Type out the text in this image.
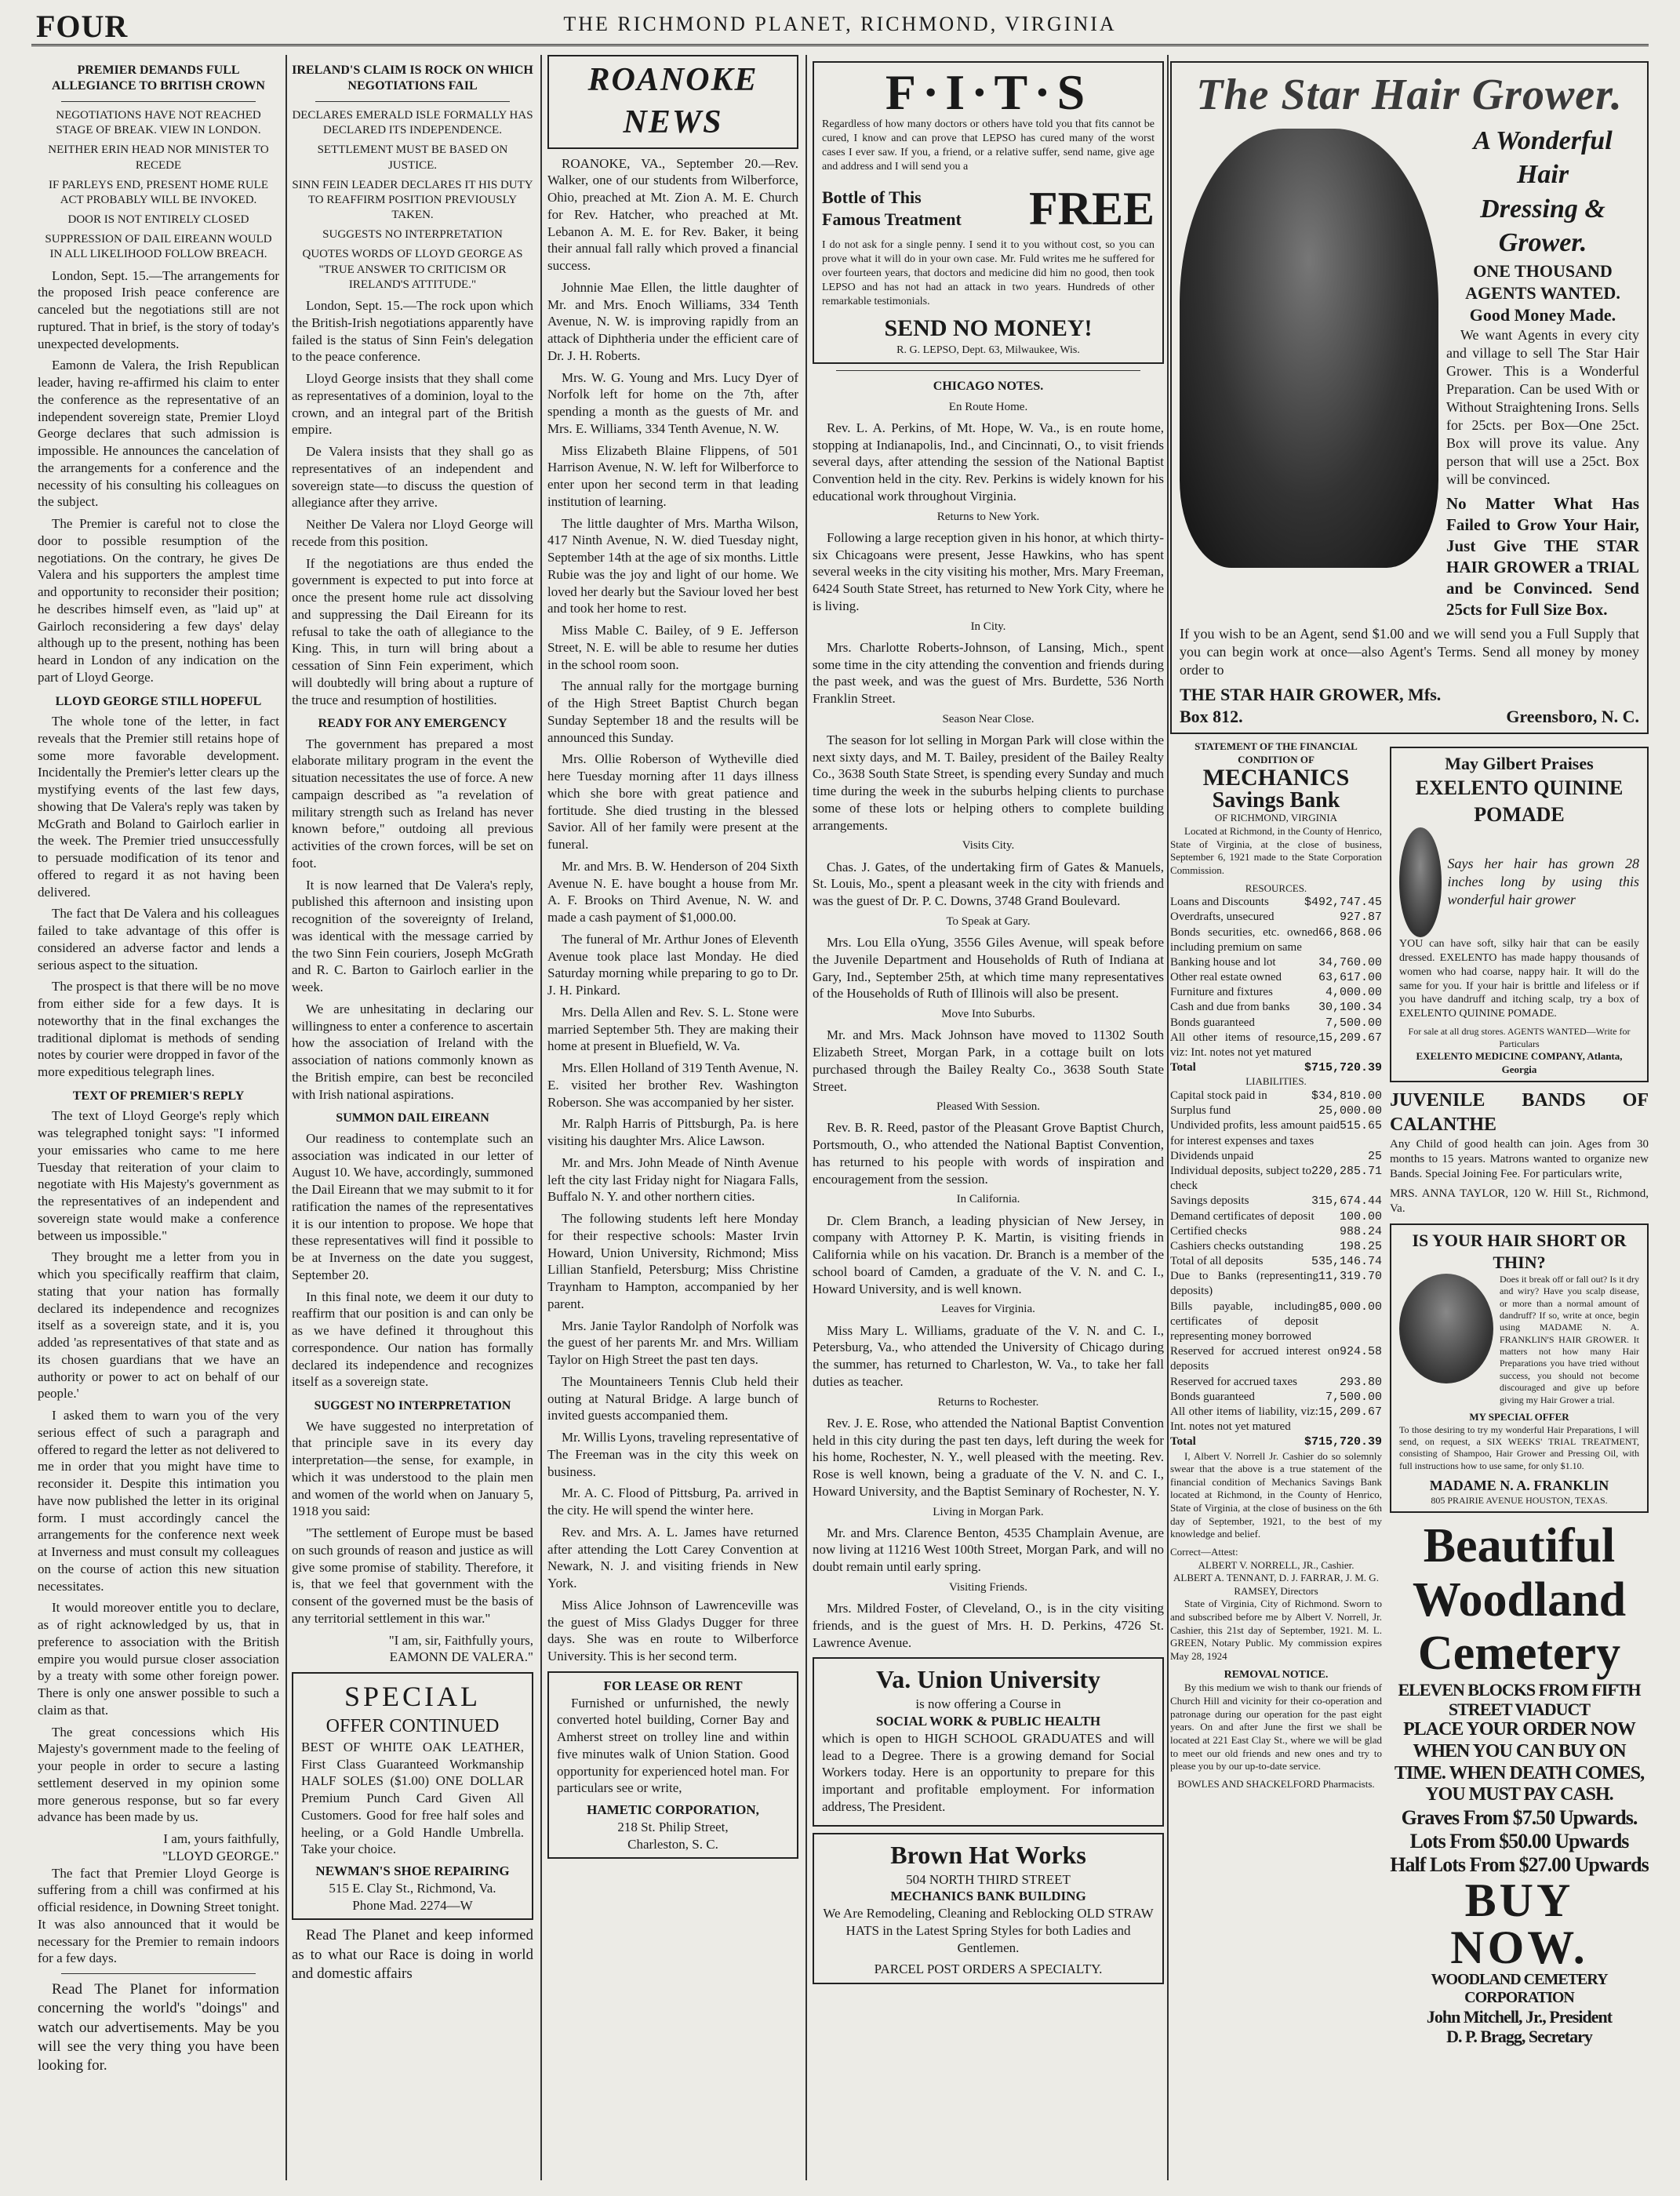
FOUR	THE RICHMOND PLANET, RICHMOND, VIRGINIA
PREMIER DEMANDS FULL ALLEGIANCE TO BRITISH CROWN
NEGOTIATIONS HAVE NOT REACHED STAGE OF BREAK. VIEW IN LONDON.
NEITHER ERIN HEAD NOR MINISTER TO RECEDE
IF PARLEYS END, PRESENT HOME RULE ACT PROBABLY WILL BE INVOKED.
DOOR IS NOT ENTIRELY CLOSED
SUPPRESSION OF DAIL EIREANN WOULD IN ALL LIKELIHOOD FOLLOW BREACH.

London, Sept. 15.—The arrangements for the proposed Irish peace conference are canceled but the negotiations still are not ruptured. That in brief, is the story of today's unexpected developments.

Eamonn de Valera, the Irish Republican leader, having re-affirmed his claim to enter the conference as the representative of an independent sovereign state, Premier Lloyd George declares that such admission is impossible. He announces the cancelation of the arrangements for a conference and the necessity of his consulting his colleagues on the subject.

The Premier is careful not to close the door to possible resumption of the negotiations. On the contrary, he gives De Valera and his supporters the amplest time and opportunity to reconsider their position; he describes himself even, as "laid up" at Gairloch reconsidering a few days' delay although up to the present, nothing has been heard in London of any indication on the part of Lloyd George.

LLOYD GEORGE STILL HOPEFUL

The whole tone of the letter, in fact reveals that the Premier still retains hope of some more favorable development. Incidentally the Premier's letter clears up the mystifying events of the last few days, showing that De Valera's reply was taken by McGrath and Boland to Gairloch earlier in the week. The Premier tried unsuccessfully to persuade modification of its tenor and offered to regard it as not having been delivered.

The fact that De Valera and his colleagues failed to take advantage of this offer is considered an adverse factor and lends a serious aspect to the situation.

The prospect is that there will be no move from either side for a few days. It is noteworthy that in the final exchanges the traditional diplomat is methods of sending notes by courier were dropped in favor of the more expeditious telegraph lines.

TEXT OF PREMIER'S REPLY

The text of Lloyd George's reply which was telegraphed tonight says: "I informed your emissaries who came to me here Tuesday that reiteration of your claim to negotiate with His Majesty's government as the representatives of an independent and sovereign state would make a conference between us impossible."

They brought me a letter from you in which you specifically reaffirm that claim, stating that your nation has formally declared its independence and recognizes itself as a sovereign state, and it is, you added 'as representatives of that state and as its chosen guardians that we have an authority or power to act on behalf of our people.'

I asked them to warn you of the very serious effect of such a paragraph and offered to regard the letter as not delivered to me in order that you might have time to reconsider it. Despite this intimation you have now published the letter in its original form. I must accordingly cancel the arrangements for the conference next week at Inverness and must consult my colleagues on the course of action this new situation necessitates.

It would moreover entitle you to declare, as of right acknowledged by us, that in preference to association with the British empire you would pursue closer association by a treaty with some other foreign power. There is only one answer possible to such a claim as that.

The great concessions which His Majesty's government made to the feeling of your people in order to secure a lasting settlement deserved in my opinion some more generous response, but so far every advance has been made by us.

I am, yours faithfully,
"LLOYD GEORGE."

The fact that Premier Lloyd George is suffering from a chill was confirmed at his official residence, in Downing Street tonight. It was also announced that it would be necessary for the Premier to remain indoors for a few days.

Read The Planet for information concerning the world's "doings" and watch our advertisements. May be you will see the very thing you have been looking for.

IRELAND'S CLAIM IS ROCK ON WHICH NEGOTIATIONS FAIL
DECLARES EMERALD ISLE FORMALLY HAS DECLARED ITS INDEPENDENCE.
SETTLEMENT MUST BE BASED ON JUSTICE.
SINN FEIN LEADER DECLARES IT HIS DUTY TO REAFFIRM POSITION PREVIOUSLY TAKEN.
SUGGESTS NO INTERPRETATION
QUOTES WORDS OF LLOYD GEORGE AS "TRUE ANSWER TO CRITICISM OR IRELAND'S ATTITUDE."

London, Sept. 15.—The rock upon which the British-Irish negotiations apparently have failed is the status of Sinn Fein's delegation to the peace conference.

Lloyd George insists that they shall come as representatives of a dominion, loyal to the crown, and an integral part of the British empire.

De Valera insists that they shall go as representatives of an independent and sovereign state—to discuss the question of allegiance after they arrive.

Neither De Valera nor Lloyd George will recede from this position.

If the negotiations are thus ended the government is expected to put into force at once the present home rule act dissolving and suppressing the Dail Eireann for its refusal to take the oath of allegiance to the King. This, in turn will bring about a cessation of Sinn Fein experiment, which will doubtedly will bring about a rupture of the truce and resumption of hostilities.

READY FOR ANY EMERGENCY

The government has prepared a most elaborate military program in the event the situation necessitates the use of force. A new campaign described as "a revelation of military strength such as Ireland has never known before," outdoing all previous activities of the crown forces, will be set on foot.

It is now learned that De Valera's reply, published this afternoon and insisting upon recognition of the sovereignty of Ireland, was identical with the message carried by the two Sinn Fein couriers, Joseph McGrath and R. C. Barton to Gairloch earlier in the week.

We are unhesitating in declaring our willingness to enter a conference to ascertain how the association of Ireland with the association of nations commonly known as the British empire, can best be reconciled with Irish national aspirations.

SUMMON DAIL EIREANN

Our readiness to contemplate such an association was indicated in our letter of August 10. We have, accordingly, summoned the Dail Eireann that we may submit to it for ratification the names of the representatives it is our intention to propose. We hope that these representatives will find it possible to be at Inverness on the date you suggest, September 20.

In this final note, we deem it our duty to reaffirm that our position is and can only be as we have defined it throughout this correspondence. Our nation has formally declared its independence and recognizes itself as a sovereign state.

SUGGEST NO INTERPRETATION

We have suggested no interpretation of that principle save in its every day interpretation—the sense, for example, in which it was understood to the plain men and women of the world when on January 5, 1918 you said:

"The settlement of Europe must be based on such grounds of reason and justice as will give some promise of stability. Therefore, it is, that we feel that government with the consent of the governed must be the basis of any territorial settlement in this war."

"I am, sir, Faithfully yours,
EAMONN DE VALERA."
SPECIAL
OFFER CONTINUED

BEST OF WHITE OAK LEATHER, First Class Guaranteed Workmanship HALF SOLES ($1.00) ONE DOLLAR Premium Punch Card Given All Customers. Good for free half soles and heeling, or a Gold Handle Umbrella. Take your choice.

NEWMAN'S SHOE REPAIRING
515 E. Clay St., Richmond, Va.
Phone Mad. 2274—W

Read The Planet and keep informed as to what our Race is doing in world and domestic affairs

ROANOKE NEWS

ROANOKE, VA., September 20.—Rev. Walker, one of our students from Wilberforce, Ohio, preached at Mt. Zion A. M. E. Church for Rev. Hatcher, who preached at Mt. Lebanon A. M. E. for Rev. Baker, it being their annual fall rally which proved a financial success.

Johnnie Mae Ellen, the little daughter of Mr. and Mrs. Enoch Williams, 334 Tenth Avenue, N. W. is improving rapidly from an attack of Diphtheria under the efficient care of Dr. J. H. Roberts.

Mrs. W. G. Young and Mrs. Lucy Dyer of Norfolk left for home on the 7th, after spending a month as the guests of Mr. and Mrs. E. Williams, 334 Tenth Avenue, N. W.

Miss Elizabeth Blaine Flippens, of 501 Harrison Avenue, N. W. left for Wilberforce to enter upon her second term in that leading institution of learning.

The little daughter of Mrs. Martha Wilson, 417 Ninth Avenue, N. W. died Tuesday night, September 14th at the age of six months. Little Rubie was the joy and light of our home. We loved her dearly but the Saviour loved her best and took her home to rest.

Miss Mable C. Bailey, of 9 E. Jefferson Street, N. E. will be able to resume her duties in the school room soon.

The annual rally for the mortgage burning of the High Street Baptist Church began Sunday September 18 and the results will be announced this Sunday.

Mrs. Ollie Roberson of Wytheville died here Tuesday morning after 11 days illness which she bore with great patience and fortitude. She died trusting in the blessed Savior. All of her family were present at the funeral.

Mr. and Mrs. B. W. Henderson of 204 Sixth Avenue N. E. have bought a house from Mr. A. F. Brooks on Third Avenue, N. W. and made a cash payment of $1,000.00.

The funeral of Mr. Arthur Jones of Eleventh Avenue took place last Monday. He died Saturday morning while preparing to go to Dr. J. H. Pinkard.

Mrs. Della Allen and Rev. S. L. Stone were married September 5th. They are making their home at present in Bluefield, W. Va.

Mrs. Ellen Holland of 319 Tenth Avenue, N. E. visited her brother Rev. Washington Roberson. She was accompanied by her sister.

Mr. Ralph Harris of Pittsburgh, Pa. is here visiting his daughter Mrs. Alice Lawson.

Mr. and Mrs. John Meade of Ninth Avenue left the city last Friday night for Niagara Falls, Buffalo N. Y. and other northern cities.

The following students left here Monday for their respective schools: Master Irvin Howard, Union University, Richmond; Miss Lillian Stanfield, Petersburg; Miss Christine Traynham to Hampton, accompanied by her parent.

Mrs. Janie Taylor Randolph of Norfolk was the guest of her parents Mr. and Mrs. William Taylor on High Street the past ten days.

The Mountaineers Tennis Club held their outing at Natural Bridge. A large bunch of invited guests accompanied them.

Mr. Willis Lyons, traveling representative of The Freeman was in the city this week on business.

Mr. A. C. Flood of Pittsburg, Pa. arrived in the city. He will spend the winter here.

Rev. and Mrs. A. L. James have returned after attending the Lott Carey Convention at Newark, N. J. and visiting friends in New York.

Miss Alice Johnson of Lawrenceville was the guest of Miss Gladys Dugger for three days. She was en route to Wilberforce University. This is her second term.

FOR LEASE OR RENT

Furnished or unfurnished, the newly converted hotel building, Corner Bay and Amherst street on trolley line and within five minutes walk of Union Station. Good opportunity for experienced hotel man. For particulars see or write,

HAMETIC CORPORATION,
218 St. Philip Street,
Charleston, S. C.
F·I·T·S

Regardless of how many doctors or others have told you that fits cannot be cured, I know and can prove that LEPSO has cured many of the worst cases I ever saw. If you, a friend, or a relative suffer, send name, give age and address and I will send you a

Bottle of This
Famous Treatment FREE

I do not ask for a single penny. I send it to you without cost, so you can prove what it will do in your own case. Mr. Fuld writes me he suffered for over fourteen years, that doctors and medicine did him no good, then took LEPSO and has not had an attack in two years. Hundreds of other remarkable testimonials.

SEND NO MONEY!
R. G. LEPSO, Dept. 63, Milwaukee, Wis.
CHICAGO NOTES.
En Route Home.

Rev. L. A. Perkins, of Mt. Hope, W. Va., is en route home, stopping at Indianapolis, Ind., and Cincinnati, O., to visit friends several days, after attending the session of the National Baptist Convention held in the city. Rev. Perkins is widely known for his educational work throughout Virginia.

Returns to New York.

Following a large reception given in his honor, at which thirty-six Chicagoans were present, Jesse Hawkins, who has spent several weeks in the city visiting his mother, Mrs. Mary Freeman, 6424 South State Street, has returned to New York City, where he is living.

In City.

Mrs. Charlotte Roberts-Johnson, of Lansing, Mich., spent some time in the city attending the convention and friends during the past week, and was the guest of Mrs. Burdette, 536 North Franklin Street.

Season Near Close.

The season for lot selling in Morgan Park will close within the next sixty days, and M. T. Bailey, president of the Bailey Realty Co., 3638 South State Street, is spending every Sunday and much time during the week in the suburbs helping clients to purchase some of these lots or helping others to complete building arrangements.

Visits City.

Chas. J. Gates, of the undertaking firm of Gates & Manuels, St. Louis, Mo., spent a pleasant week in the city with friends and was the guest of Dr. P. C. Downs, 3748 Grand Boulevard.

To Speak at Gary.

Mrs. Lou Ella oYung, 3556 Giles Avenue, will speak before the Juvenile Department and Households of Ruth of Indiana at Gary, Ind., September 25th, at which time many representatives of the Households of Ruth of Illinois will also be present.

Move Into Suburbs.

Mr. and Mrs. Mack Johnson have moved to 11302 South Elizabeth Street, Morgan Park, in a cottage built on lots purchased through the Bailey Realty Co., 3638 South State Street.

Pleased With Session.

Rev. B. R. Reed, pastor of the Pleasant Grove Baptist Church, Portsmouth, O., who attended the National Baptist Convention, has returned to his people with words of inspiration and encouragement from the session.

In California.

Dr. Clem Branch, a leading physician of New Jersey, in company with Attorney P. K. Martin, is visiting friends in California while on his vacation. Dr. Branch is a member of the school board of Camden, a graduate of the V. N. and C. I., Howard University, and is well known.

Leaves for Virginia.

Miss Mary L. Williams, graduate of the V. N. and C. I., Petersburg, Va., who attended the University of Chicago during the summer, has returned to Charleston, W. Va., to take her fall duties as teacher.

Returns to Rochester.

Rev. J. E. Rose, who attended the National Baptist Convention held in this city during the past ten days, left during the week for his home, Rochester, N. Y., well pleased with the meeting. Rev. Rose is well known, being a graduate of the V. N. and C. I., Howard University, and the Baptist Seminary of Rochester, N. Y.

Living in Morgan Park.

Mr. and Mrs. Clarence Benton, 4535 Champlain Avenue, are now living at 11216 West 100th Street, Morgan Park, and will no doubt remain until early spring.

Visiting Friends.

Mrs. Mildred Foster, of Cleveland, O., is in the city visiting friends, and is the guest of Mrs. H. D. Perkins, 4726 St. Lawrence Avenue.

Va. Union University
is now offering a Course in
SOCIAL WORK & PUBLIC HEALTH

which is open to HIGH SCHOOL GRADUATES and will lead to a Degree. There is a growing demand for Social Workers today. Here is an opportunity to prepare for this important and profitable employment. For information address, The President.

Brown Hat Works
504 NORTH THIRD STREET
MECHANICS BANK BUILDING

We Are Remodeling, Cleaning and Reblocking OLD STRAW HATS in the Latest Spring Styles for both Ladies and Gentlemen.

PARCEL POST ORDERS A SPECIALTY.
The Star Hair Grower.
A Wonderful Hair
Dressing & Grower.
ONE THOUSAND AGENTS WANTED. Good Money Made.

We want Agents in every city and village to sell The Star Hair Grower. This is a Wonderful Preparation. Can be used With or Without Straightening Irons. Sells for 25cts. per Box—One 25ct. Box will prove its value. Any person that will use a 25ct. Box will be convinced.

No Matter What Has Failed to Grow Your Hair, Just Give THE STAR HAIR GROWER a TRIAL and be Convinced. Send 25cts for Full Size Box.

If you wish to be an Agent, send $1.00 and we will send you a Full Supply that you can begin work at once—also Agent's Terms. Send all money by money order to

THE STAR HAIR GROWER, Mfs.
Box 812.	Greensboro, N. C.
STATEMENT OF THE FINANCIAL CONDITION OF
MECHANICS
Savings Bank
OF RICHMOND, VIRGINIA

Located at Richmond, in the County of Henrico, State of Virginia, at the close of business, September 6, 1921 made to the State Corporation Commission.

RESOURCES.
Loans and Discounts	$492,747.45
Overdrafts, unsecured	927.87
Bonds securities, etc. owned including premium on same
66,868.06
Banking house and lot	34,760.00
Other real estate owned	63,617.00
Furniture and fixtures	4,000.00
Cash and due from banks 30,100.34
Bonds guaranteed	7,500.00
All other items of resource, viz: Int. notes not yet matured
15,209.67
Total	$715,720.39
LIABILITIES.
Capital stock paid in	$34,810.00
Surplus fund	25,000.00
Undivided profits, less amount paid for interest expenses and taxes
515.65
Dividends unpaid	25
Individual deposits, subject to check
220,285.71
Savings deposits	315,674.44
Demand certificates of deposit 100.00
Certified checks	988.24
Cashiers checks outstanding	198.25
Total of all deposits	535,146.74
Due to Banks (representing deposits)
11,319.70
Bills payable, including certificates of deposit representing money borrowed
85,000.00
Reserved for accrued interest on deposits
924.58
Reserved for accrued taxes	293.80
Bonds guaranteed	7,500.00
All other items of liability, viz: Int. notes not yet matured
15,209.67
Total	$715,720.39

I, Albert V. Norrell Jr. Cashier do so solemnly swear that the above is a true statement of the financial condition of Mechanics Savings Bank located at Richmond, in the County of Henrico, State of Virginia, at the close of business on the 6th day of September, 1921, to the best of my knowledge and belief.

Correct—Attest:
ALBERT V. NORRELL, JR., Cashier.
ALBERT A. TENNANT, D. J. FARRAR, J. M. G. RAMSEY, Directors

State of Virginia, City of Richmond. Sworn to and subscribed before me by Albert V. Norrell, Jr. Cashier, this 21st day of September, 1921. M. L. GREEN, Notary Public. My commission expires May 28, 1924

REMOVAL NOTICE.

By this medium we wish to thank our friends of Church Hill and vicinity for their co-operation and patronage during our operation for the past eight years. On and after June the first we shall be located at 221 East Clay St., where we will be glad to meet our old friends and new ones and try to please you by our up-to-date service.

BOWLES AND SHACKELFORD Pharmacists.
May Gilbert Praises
EXELENTO QUININE
POMADE
Says her hair has grown 28 inches long by using this wonderful hair grower

YOU can have soft, silky hair that can be easily dressed. EXELENTO has made happy thousands of women who had coarse, nappy hair. It will do the same for you. If your hair is brittle and lifeless or if you have dandruff and itching scalp, try a box of EXELENTO QUININE POMADE.

For sale at all drug stores. AGENTS WANTED—Write for Particulars
EXELENTO MEDICINE COMPANY, Atlanta, Georgia
JUVENILE BANDS OF CALANTHE

Any Child of good health can join. Ages from 30 months to 15 years. Matrons wanted to organize new Bands. Special Joining Fee. For particulars write,

MRS. ANNA TAYLOR, 120 W. Hill St., Richmond, Va.
IS YOUR HAIR SHORT OR THIN?

Does it break off or fall out? Is it dry and wiry? Have you scalp disease, or more than a normal amount of dandruff? If so, write at once, begin using MADAME N. A. FRANKLIN'S HAIR GROWER. It matters not how many Hair Preparations you have tried without success, you should not become discouraged and give up before giving my Hair Grower a trial.

MY SPECIAL OFFER

To those desiring to try my wonderful Hair Preparations, I will send, on request, a SIX WEEKS' TRIAL TREATMENT, consisting of Shampoo, Hair Grower and Pressing Oil, with full instructions how to use same, for only $1.10.

MADAME N. A. FRANKLIN
805 PRAIRIE AVENUE HOUSTON, TEXAS.
Beautiful
Woodland
Cemetery
ELEVEN BLOCKS FROM FIFTH STREET VIADUCT
PLACE YOUR ORDER NOW WHEN YOU CAN BUY ON TIME. WHEN DEATH COMES, YOU MUST PAY CASH.
Graves From $7.50 Upwards.
Lots From $50.00 Upwards
Half Lots From $27.00 Upwards
BUY NOW.
WOODLAND CEMETERY CORPORATION
John Mitchell, Jr., President
D. P. Bragg, Secretary
